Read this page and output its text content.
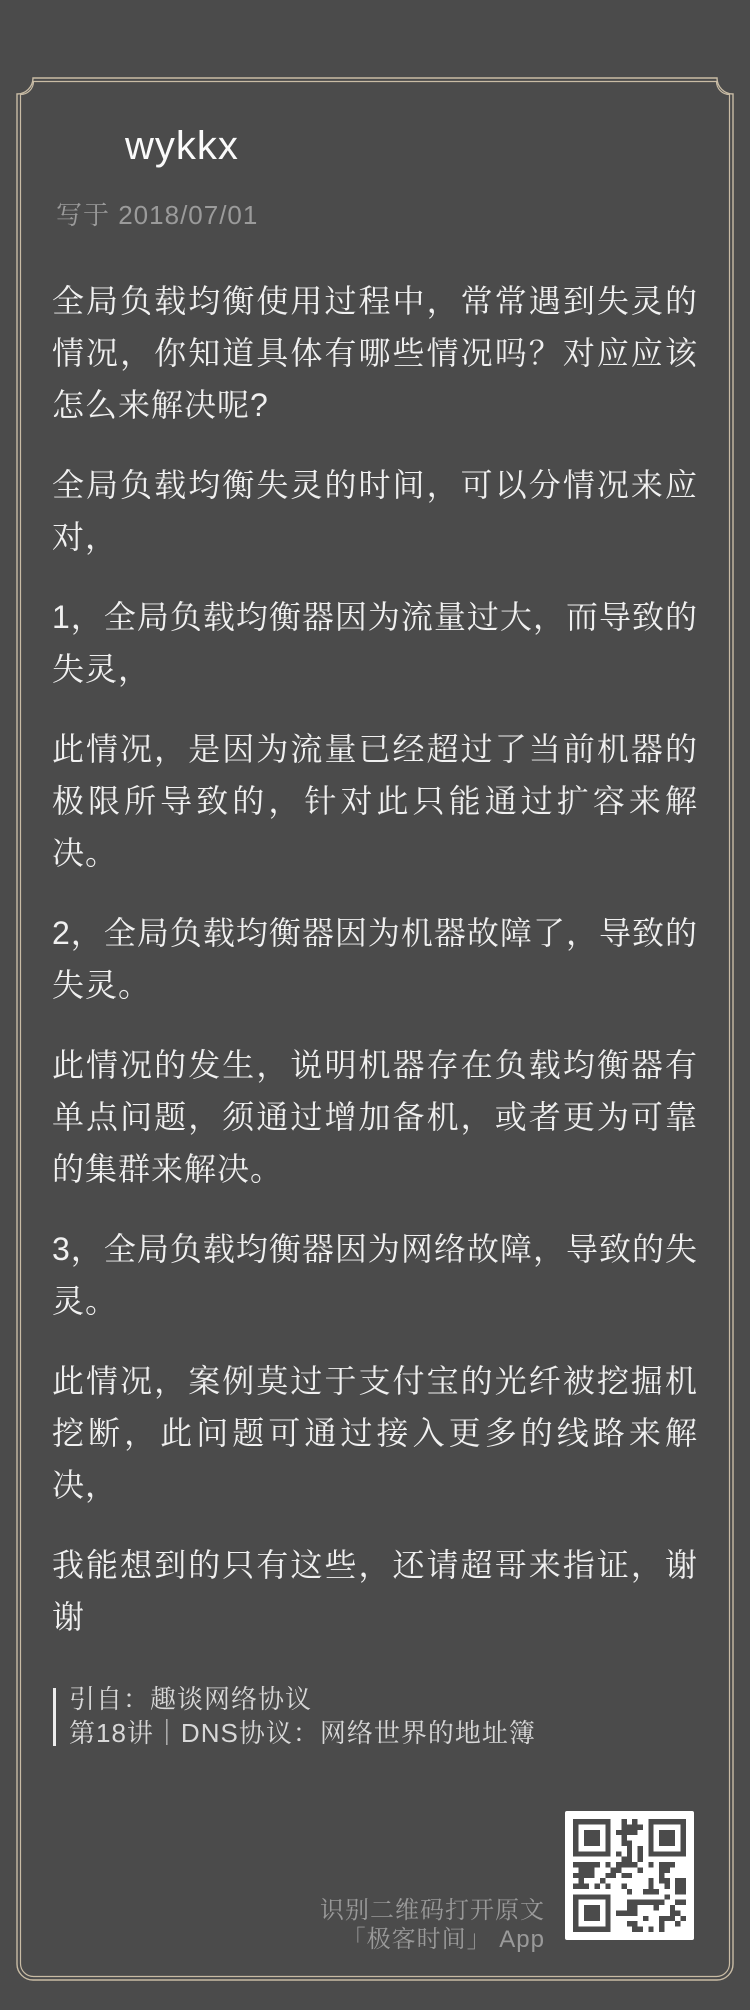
wykkx
写于 2018/07/01

全局负载均衡使用过程中，常常遇到失灵的情况，你知道具体有哪些情况吗？对应应该怎么来解决呢?

全局负载均衡失灵的时间，可以分情况来应对，

1，全局负载均衡器因为流量过大，而导致的失灵，

此情况，是因为流量已经超过了当前机器的极限所导致的，针对此只能通过扩容来解决。

2，全局负载均衡器因为机器故障了，导致的失灵。

此情况的发生，说明机器存在负载均衡器有单点问题，须通过增加备机，或者更为可靠的集群来解决。

3，全局负载均衡器因为网络故障，导致的失灵。

此情况，案例莫过于支付宝的光纤被挖掘机挖断，此问题可通过接入更多的线路来解决，

我能想到的只有这些，还请超哥来指证，谢谢

引自：趣谈网络协议
第18讲｜DNS协议：网络世界的地址簿
识别二维码打开原文
「极客时间」 App
